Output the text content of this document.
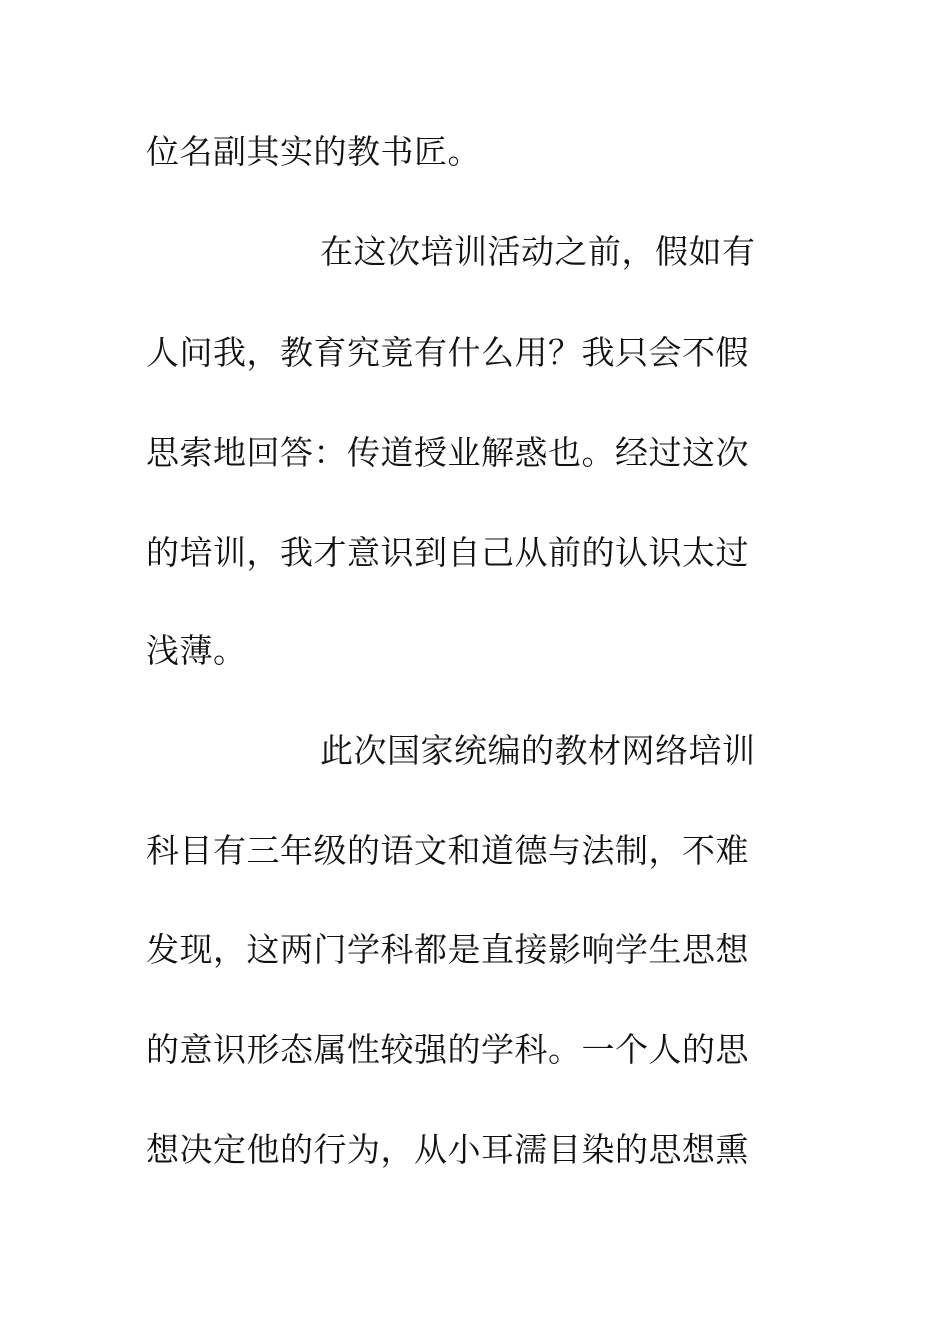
位名副其实的教书匠。

在这次培训活动之前，假如有

人问我，教育究竟有什么用？我只会不假

思索地回答：传道授业解惑也。经过这次

的培训，我才意识到自己从前的认识太过

浅薄。

此次国家统编的教材网络培训

科目有三年级的语文和道德与法制，不难

发现，这两门学科都是直接影响学生思想

的意识形态属性较强的学科。一个人的思

想决定他的行为，从小耳濡目染的思想熏
